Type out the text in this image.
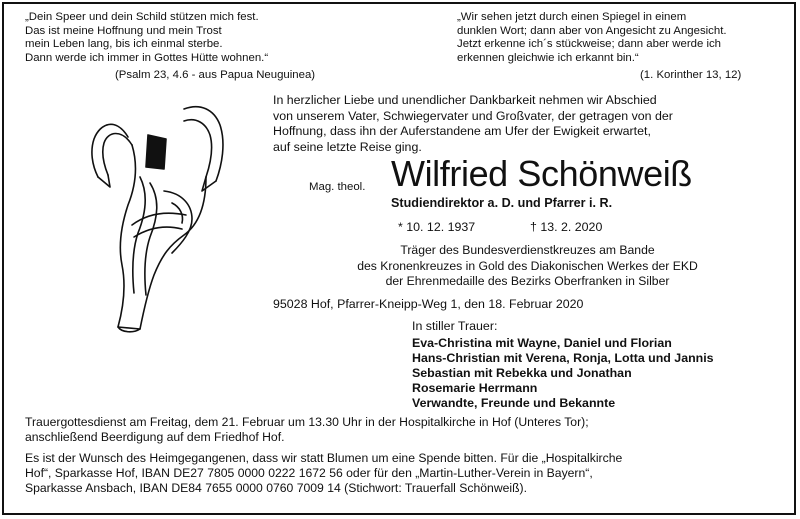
„Dein Speer und dein Schild stützen mich fest.
Das ist meine Hoffnung und mein Trost
mein Leben lang, bis ich einmal sterbe.
Dann werde ich immer in Gottes Hütte wohnen.“
(Psalm 23, 4.6 - aus Papua Neuguinea)
„Wir sehen jetzt durch einen Spiegel in einem
dunklen Wort; dann aber von Angesicht zu Angesicht.
Jetzt erkenne ich´s stückweise; dann aber werde ich
erkennen gleichwie ich erkannt bin.“
(1. Korinther 13, 12)
In herzlicher Liebe und unendlicher Dankbarkeit nehmen wir Abschied
von unserem Vater, Schwiegervater und Großvater, der getragen von der
Hoffnung, dass ihn der Auferstandene am Ufer der Ewigkeit erwartet,
auf seine letzte Reise ging.
Mag. theol. Wilfried Schönweiß
Studiendirektor a. D. und Pfarrer i. R.
* 10. 12. 1937	† 13. 2. 2020
Träger des Bundesverdienstkreuzes am Bande
des Kronenkreuzes in Gold des Diakonischen Werkes der EKD
der Ehrenmedaille des Bezirks Oberfranken in Silber
95028 Hof, Pfarrer-Kneipp-Weg 1, den 18. Februar 2020
In stiller Trauer:
Eva-Christina mit Wayne, Daniel und Florian
Hans-Christian mit Verena, Ronja, Lotta und Jannis
Sebastian mit Rebekka und Jonathan
Rosemarie Herrmann
Verwandte, Freunde und Bekannte
Trauergottesdienst am Freitag, dem 21. Februar um 13.30 Uhr in der Hospitalkirche in Hof (Unteres Tor);
anschließend Beerdigung auf dem Friedhof Hof.
Es ist der Wunsch des Heimgegangenen, dass wir statt Blumen um eine Spende bitten. Für die „Hospitalkirche
Hof“, Sparkasse Hof, IBAN DE27 7805 0000 0222 1672 56 oder für den „Martin-Luther-Verein in Bayern“,
Sparkasse Ansbach, IBAN DE84 7655 0000 0760 7009 14 (Stichwort: Trauerfall Schönweiß).
